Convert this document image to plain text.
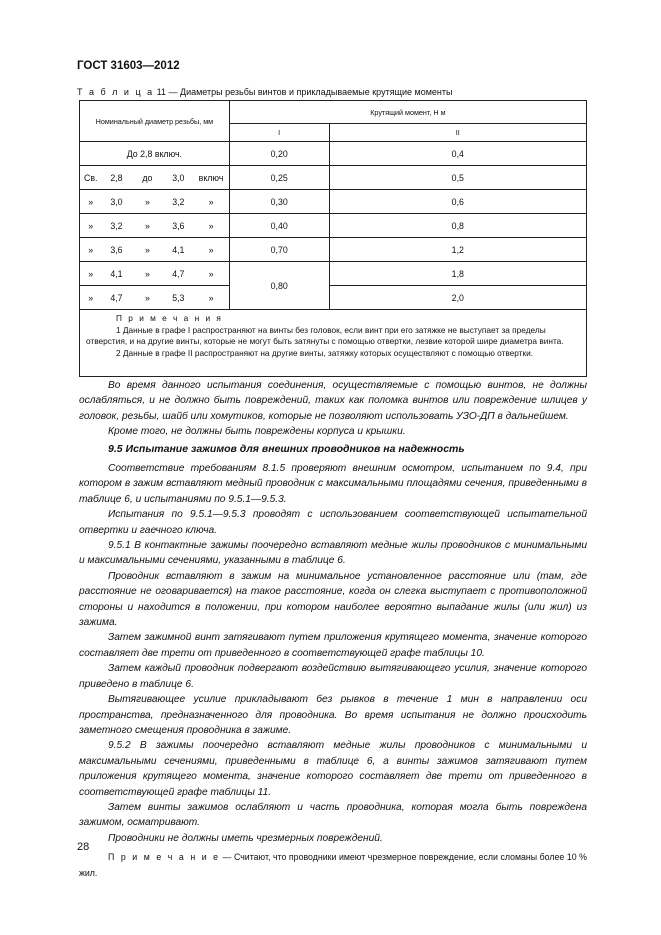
ГОСТ 31603—2012
Т а б л и ц а 11 — Диаметры резьбы винтов и прикладываемые крутящие моменты
Номинальный диаметр резьбы, мм					Крутящий момент, Н м	
					I	II
До 2,8 включ.					0,20	0,4
Св.	2,8	до	3,0	включ	0,25	0,5
»	3,0	»	3,2	»	0,30	0,6
»	3,2	»	3,6	»	0,40	0,8
»	3,6	»	4,1	»	0,70	1,2
»	4,1	»	4,7	»	0,80	1,8
»	4,7	»	5,3	»		2,0

П р и м е ч а н и я
1 Данные в графе I распространяют на винты без головок, если винт при его затяжке не выступает за пределы отверстия, и на другие винты, которые не могут быть затянуты с помощью отвертки, лезвие которой шире диаметра винта.
2 Данные в графе II распространяют на другие винты, затяжку которых осуществляют с помощью отвертки.						

Во время данного испытания соединения, осуществляемые с помощью винтов, не должны ослабляться, и не должно быть повреждений, таких как поломка винтов или повреждение шлицев у головок, резьбы, шайб или хомутиков, которые не позволяют использовать УЗО-ДП в дальнейшем.

Кроме того, не должны быть повреждены корпуса и крышки.

9.5 Испытание зажимов для внешних проводников на надежность

Соответствие требованиям 8.1.5 проверяют внешним осмотром, испытанием по 9.4, при котором в зажим вставляют медный проводник с максимальными площадями сечения, приведенными в таблице 6, и испытаниями по 9.5.1—9.5.3.

Испытания по 9.5.1—9.5.3 проводят с использованием соответствующей испытательной отвертки и гаечного ключа.

9.5.1 В контактные зажимы поочередно вставляют медные жилы проводников с минимальными и максимальными сечениями, указанными в таблице 6.

Проводник вставляют в зажим на минимальное установленное расстояние или (там, где расстояние не оговаривается) на такое расстояние, когда он слегка выступает с противоположной стороны и находится в положении, при котором наиболее вероятно выпадание жилы (или жил) из зажима.

Затем зажимной винт затягивают путем приложения крутящего момента, значение которого составляет две трети от приведенного в соответствующей графе таблицы 10.

Затем каждый проводник подвергают воздействию вытягивающего усилия, значение которого приведено в таблице 6.

Вытягивающее усилие прикладывают без рывков в течение 1 мин в направлении оси пространства, предназначенного для проводника. Во время испытания не должно происходить заметного смещения проводника в зажиме.

9.5.2 В зажимы поочередно вставляют медные жилы проводников с минимальными и максимальными сечениями, приведенными в таблице 6, а винты зажимов затягивают путем приложения крутящего момента, значение которого составляет две трети от приведенного в соответствующей графе таблицы 11.

Затем винты зажимов ослабляют и часть проводника, которая могла быть повреждена зажимом, осматривают.

Проводники не должны иметь чрезмерных повреждений.

П р и м е ч а н и е — Считают, что проводники имеют чрезмерное повреждение, если сломаны более 10 % жил.

28
